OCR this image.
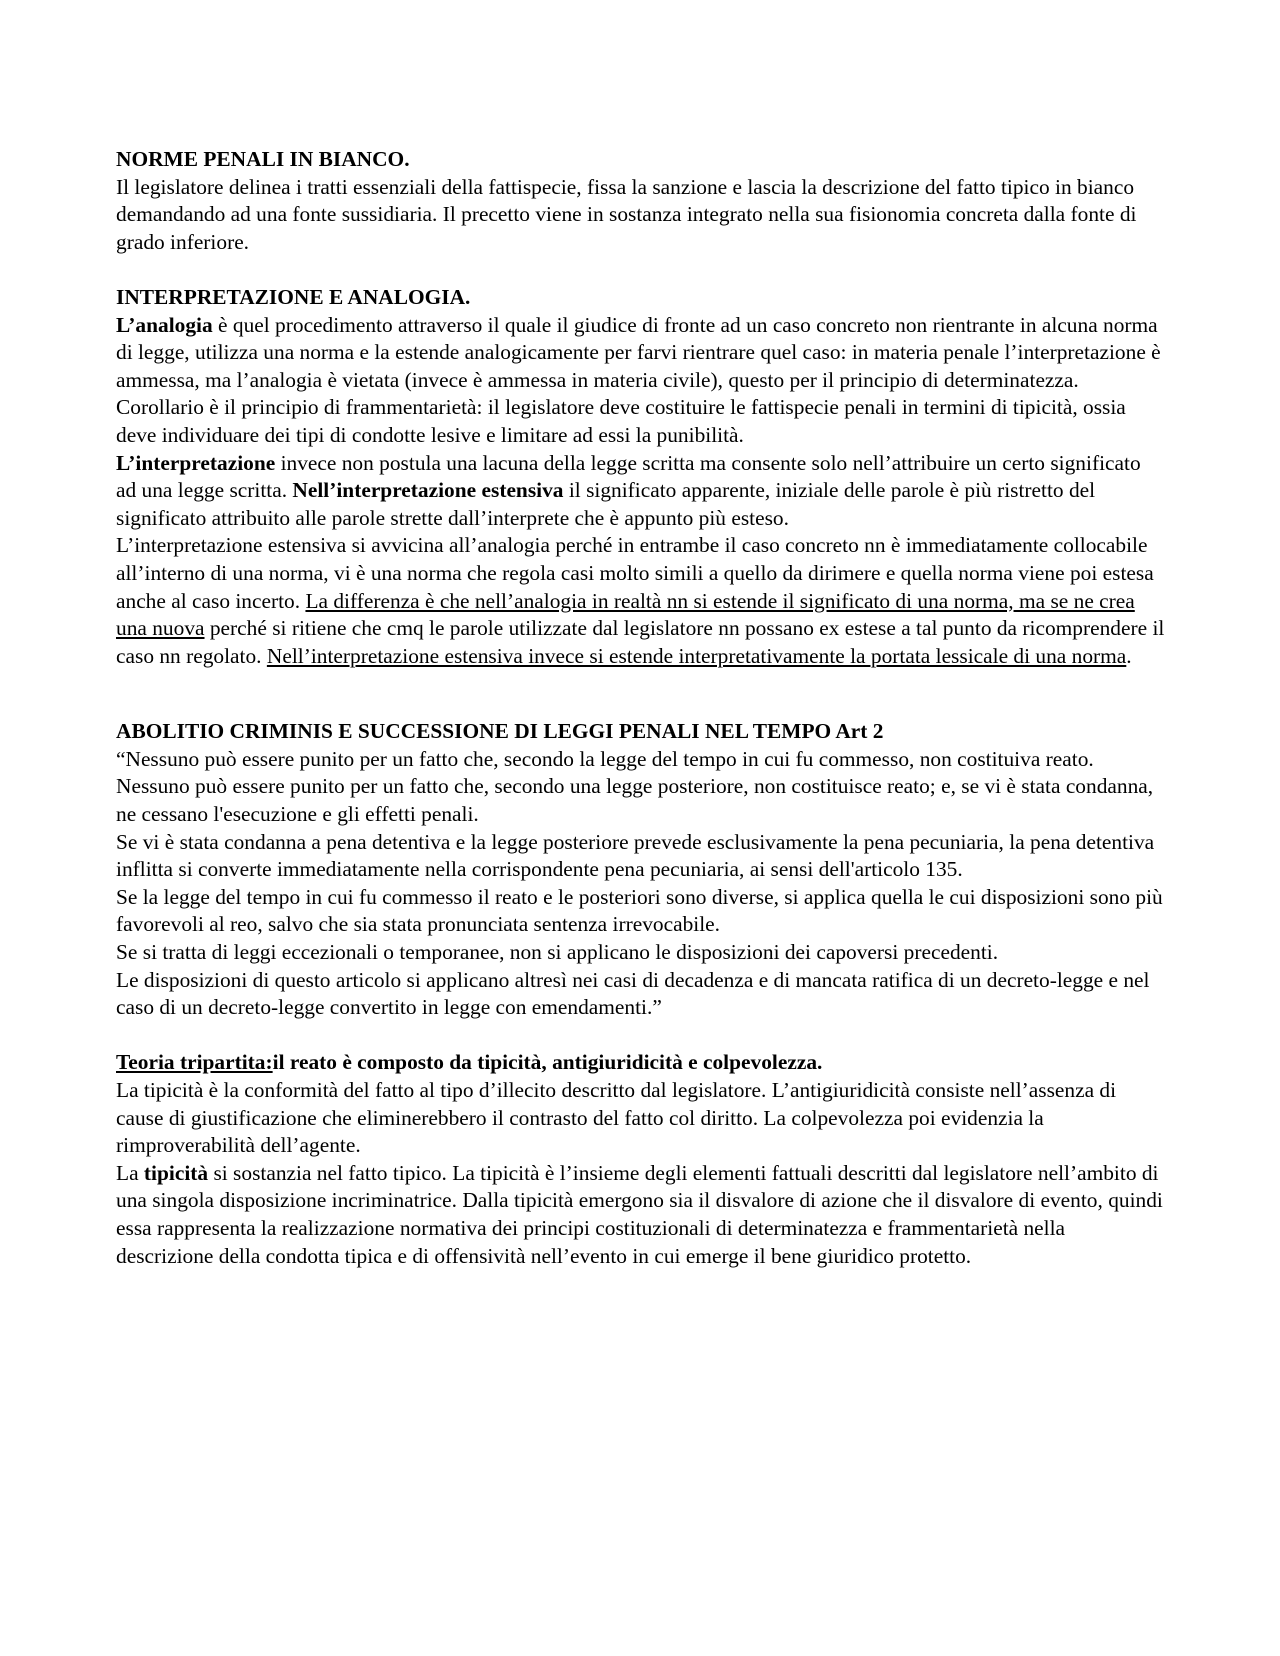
NORME PENALI IN BIANCO.

Il legislatore delinea i tratti essenziali della fattispecie, fissa la sanzione e lascia la descrizione del fatto tipico in bianco demandando ad una fonte sussidiaria. Il precetto viene in sostanza integrato nella sua fisionomia concreta dalla fonte di grado inferiore.

INTERPRETAZIONE E ANALOGIA.

L’analogia è quel procedimento attraverso il quale il giudice di fronte ad un caso concreto non rientrante in alcuna norma di legge, utilizza una norma e la estende analogicamente per farvi rientrare quel caso: in materia penale l’interpretazione è ammessa, ma l’analogia è vietata (invece è ammessa in materia civile), questo per il principio di determinatezza.

Corollario è il principio di frammentarietà: il legislatore deve costituire le fattispecie penali in termini di tipicità, ossia deve individuare dei tipi di condotte lesive e limitare ad essi la punibilità.

L’interpretazione invece non postula una lacuna della legge scritta ma consente solo nell’attribuire un certo significato ad una legge scritta. Nell’interpretazione estensiva il significato apparente, iniziale delle parole è più ristretto del significato attribuito alle parole strette dall’interprete che è appunto più esteso.

L’interpretazione estensiva si avvicina all’analogia perché in entrambe il caso concreto nn è immediatamente collocabile all’interno di una norma, vi è una norma che regola casi molto simili a quello da dirimere e quella norma viene poi estesa anche al caso incerto. La differenza è che nell’analogia in realtà nn si estende il significato di una norma, ma se ne crea una nuova perché si ritiene che cmq le parole utilizzate dal legislatore nn possano ex estese a tal punto da ricomprendere il caso nn regolato. Nell’interpretazione estensiva invece si estende interpretativamente la portata lessicale di una norma.

ABOLITIO CRIMINIS E SUCCESSIONE DI LEGGI PENALI NEL TEMPO Art 2

“Nessuno può essere punito per un fatto che, secondo la legge del tempo in cui fu commesso, non costituiva reato.

Nessuno può essere punito per un fatto che, secondo una legge posteriore, non costituisce reato; e, se vi è stata condanna, ne cessano l'esecuzione e gli effetti penali.

Se vi è stata condanna a pena detentiva e la legge posteriore prevede esclusivamente la pena pecuniaria, la pena detentiva inflitta si converte immediatamente nella corrispondente pena pecuniaria, ai sensi dell'articolo 135.

Se la legge del tempo in cui fu commesso il reato e le posteriori sono diverse, si applica quella le cui disposizioni sono più favorevoli al reo, salvo che sia stata pronunciata sentenza irrevocabile.

Se si tratta di leggi eccezionali o temporanee, non si applicano le disposizioni dei capoversi precedenti.

Le disposizioni di questo articolo si applicano altresì nei casi di decadenza e di mancata ratifica di un decreto-legge e nel caso di un decreto-legge convertito in legge con emendamenti.”

Teoria tripartita:il reato è composto da tipicità, antigiuridicità e colpevolezza.

La tipicità è la conformità del fatto al tipo d’illecito descritto dal legislatore. L’antigiuridicità consiste nell’assenza di cause di giustificazione che eliminerebbero il contrasto del fatto col diritto. La colpevolezza poi evidenzia la rimproverabilità dell’agente.

La tipicità si sostanzia nel fatto tipico. La tipicità è l’insieme degli elementi fattuali descritti dal legislatore nell’ambito di una singola disposizione incriminatrice. Dalla tipicità emergono sia il disvalore di azione che il disvalore di evento, quindi essa rappresenta la realizzazione normativa dei principi costituzionali di determinatezza e frammentarietà nella descrizione della condotta tipica e di offensività nell’evento in cui emerge il bene giuridico protetto.
